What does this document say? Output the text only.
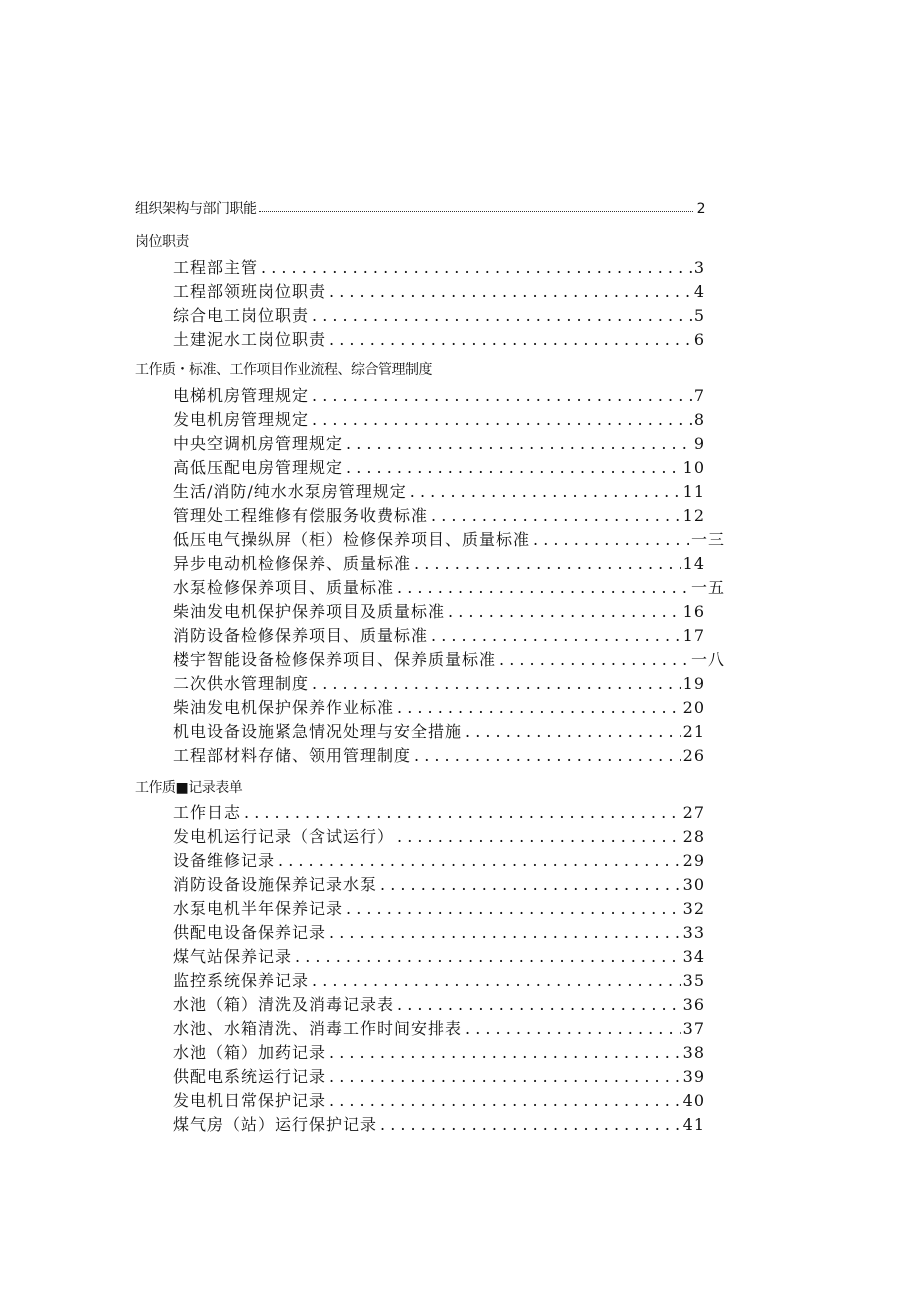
组织架构与部门职能	2
岗位职责
工程部主管 . . .	3
工程部领班岗位职责 . . .	4
综合电工岗位职责 . . .	5
土建泥水工岗位职责 . . .	6
工作质・标准、工作项目作业流程、综合管理制度
电梯机房管理规定 . . .	7
发电机房管理规定 . . .	8
中央空调机房管理规定 . . .	9
高低压配电房管理规定 . . .	10
生活/消防/纯水水泵房管理规定 . . .	11
管理处工程维修有偿服务收费标准 . . .	12
低压电气操纵屏（柜）检修保养项目、质量标准 . . .	一三
异步电动机检修保养、质量标准 . . .	14
水泵检修保养项目、质量标准 . . .	一五
柴油发电机保护保养项目及质量标准 . . .	16
消防设备检修保养项目、质量标准 . . .	17
楼宇智能设备检修保养项目、保养质量标准 . . .	一八
二次供水管理制度 . . .	19
柴油发电机保护保养作业标准 . . .	20
机电设备设施紧急情况处理与安全措施 . . .	21
工程部材料存储、领用管理制度 . . .	26
工作质■记录表单
工作日志 . . .	27
发电机运行记录（含试运行） . . .	28
设备维修记录 . . .	29
消防设备设施保养记录水泵 . . .	30
水泵电机半年保养记录 . . .	32
供配电设备保养记录 . . .	33
煤气站保养记录 . . .	34
监控系统保养记录 . . .	35
水池（箱）清洗及消毒记录表 . . .	36
水池、水箱清洗、消毒工作时间安排表 . . .	37
水池（箱）加药记录 . . .	38
供配电系统运行记录 . . .	39
发电机日常保护记录 . . .	40
煤气房（站）运行保护记录 . . .	41
